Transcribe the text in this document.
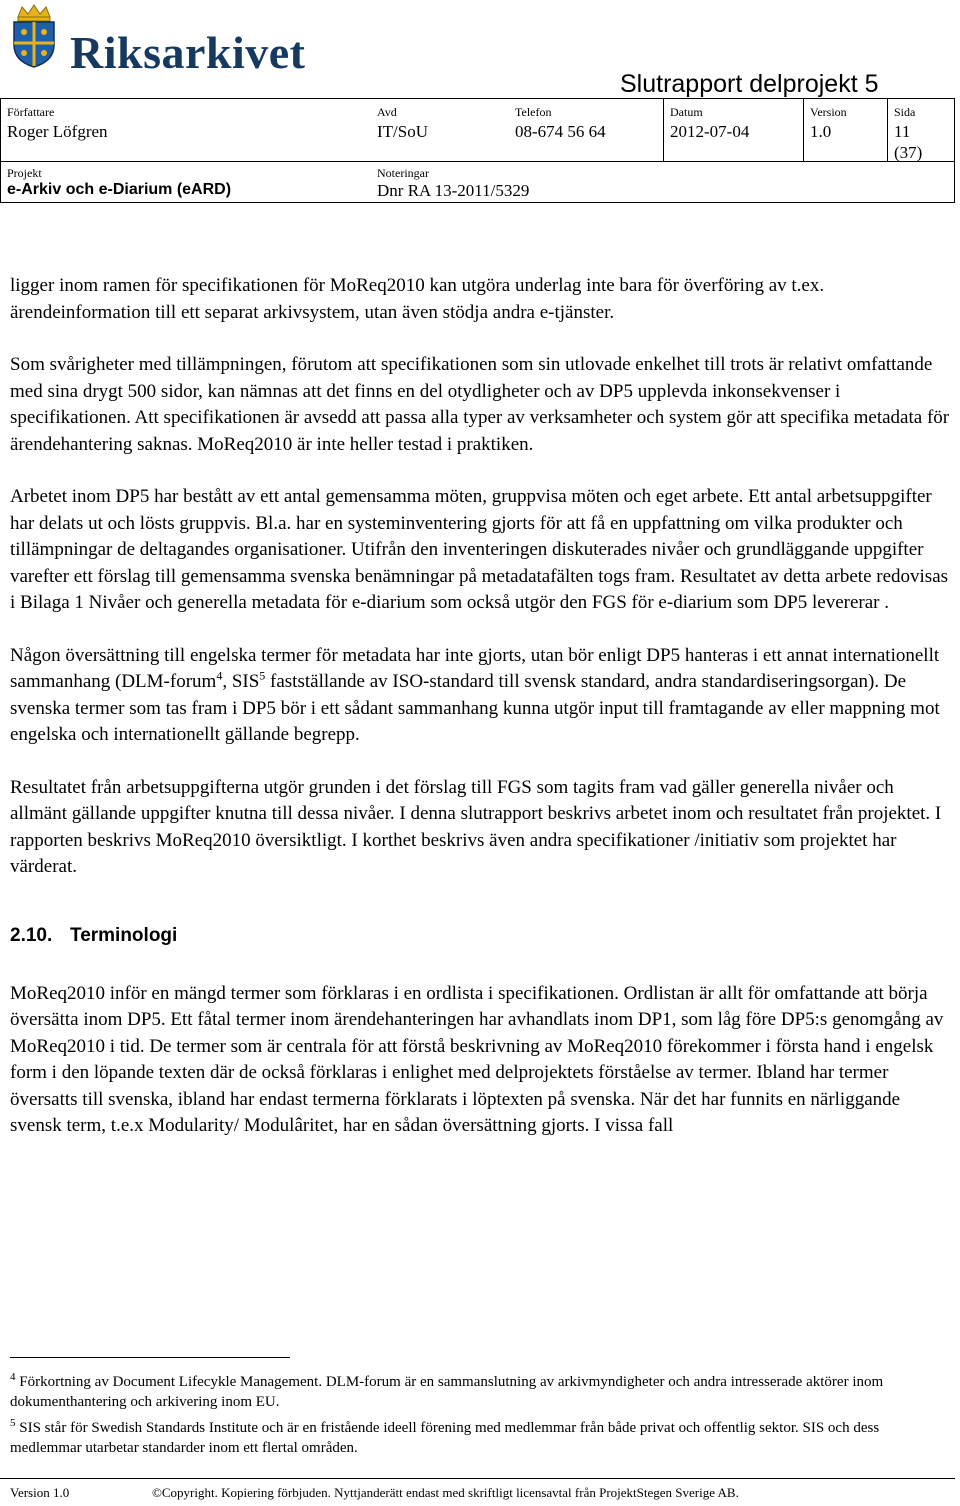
Riksarkivet
Slutrapport delprojekt 5
Författare
Roger Löfgren
Avd
IT/SoU
Telefon
08-674 56 64
Datum
2012-07-04
Version
1.0
Sida
11
(37)
Projekt
e-Arkiv och e-Diarium (eARD)
Noteringar
Dnr RA 13-2011/5329

ligger inom ramen för specifikationen för MoReq2010 kan utgöra underlag inte bara för överföring av t.ex. ärendeinformation till ett separat arkivsystem, utan även stödja andra e-tjänster.

Som svårigheter med tillämpningen, förutom att specifikationen som sin utlovade enkelhet till trots är relativt omfattande med sina drygt 500 sidor, kan nämnas att det finns en del otydligheter och av DP5 upplevda inkonsekvenser i specifikationen. Att specifikationen är avsedd att passa alla typer av verksamheter och system gör att specifika metadata för ärendehantering saknas. MoReq2010 är inte heller testad i praktiken.

Arbetet inom DP5 har bestått av ett antal gemensamma möten, gruppvisa möten och eget arbete. Ett antal arbetsuppgifter har delats ut och lösts gruppvis. Bl.a. har en systeminventering gjorts för att få en uppfattning om vilka produkter och tillämpningar de deltagandes organisationer. Utifrån den inventeringen diskuterades nivåer och grundläggande uppgifter varefter ett förslag till gemensamma svenska benämningar på metadatafälten togs fram. Resultatet av detta arbete redovisas i Bilaga 1 Nivåer och generella metadata för e-diarium som också utgör den FGS för e-diarium som DP5 levererar .

Någon översättning till engelska termer för metadata har inte gjorts, utan bör enligt DP5 hanteras i ett annat internationellt sammanhang (DLM-forum$^4$, SIS$^5$ fastställande av ISO-standard till svensk standard, andra standardiseringsorgan). De svenska termer som tas fram i DP5 bör i ett sådant sammanhang kunna utgör input till framtagande av eller mappning mot engelska och internationellt gällande begrepp.

Resultatet från arbetsuppgifterna utgör grunden i det förslag till FGS som tagits fram vad gäller generella nivåer och allmänt gällande uppgifter knutna till dessa nivåer. I denna slutrapport beskrivs arbetet inom och resultatet från projektet. I rapporten beskrivs MoReq2010 översiktligt. I korthet beskrivs även andra specifikationer /initiativ som projektet har värderat.

2.10. Terminologi

MoReq2010 inför en mängd termer som förklaras i en ordlista i specifikationen. Ordlistan är allt för omfattande att börja översätta inom DP5. Ett fåtal termer inom ärendehanteringen har avhandlats inom DP1, som låg före DP5:s genomgång av MoReq2010 i tid. De termer som är centrala för att förstå beskrivning av MoReq2010 förekommer i första hand i engelsk form i den löpande texten där de också förklaras i enlighet med delprojektets förståelse av termer. Ibland har termer översatts till svenska, ibland har endast termerna förklarats i löptexten på svenska. När det har funnits en närliggande svensk term, t.e.x Modularity/ Modulâritet, har en sådan översättning gjorts. I vissa fall

$^4$ Förkortning av Document Lifecykle Management. DLM-forum är en sammanslutning av arkivmyndigheter och andra intresserade aktörer inom dokumenthantering och arkivering inom EU.

$^5$ SIS står för Swedish Standards Institute och är en fristående ideell förening med medlemmar från både privat och offentlig sektor. SIS och dess medlemmar utarbetar standarder inom ett flertal områden.

Version 1.0	©Copyright. Kopiering förbjuden. Nyttjanderätt endast med skriftligt licensavtal från ProjektStegen Sverige AB.
